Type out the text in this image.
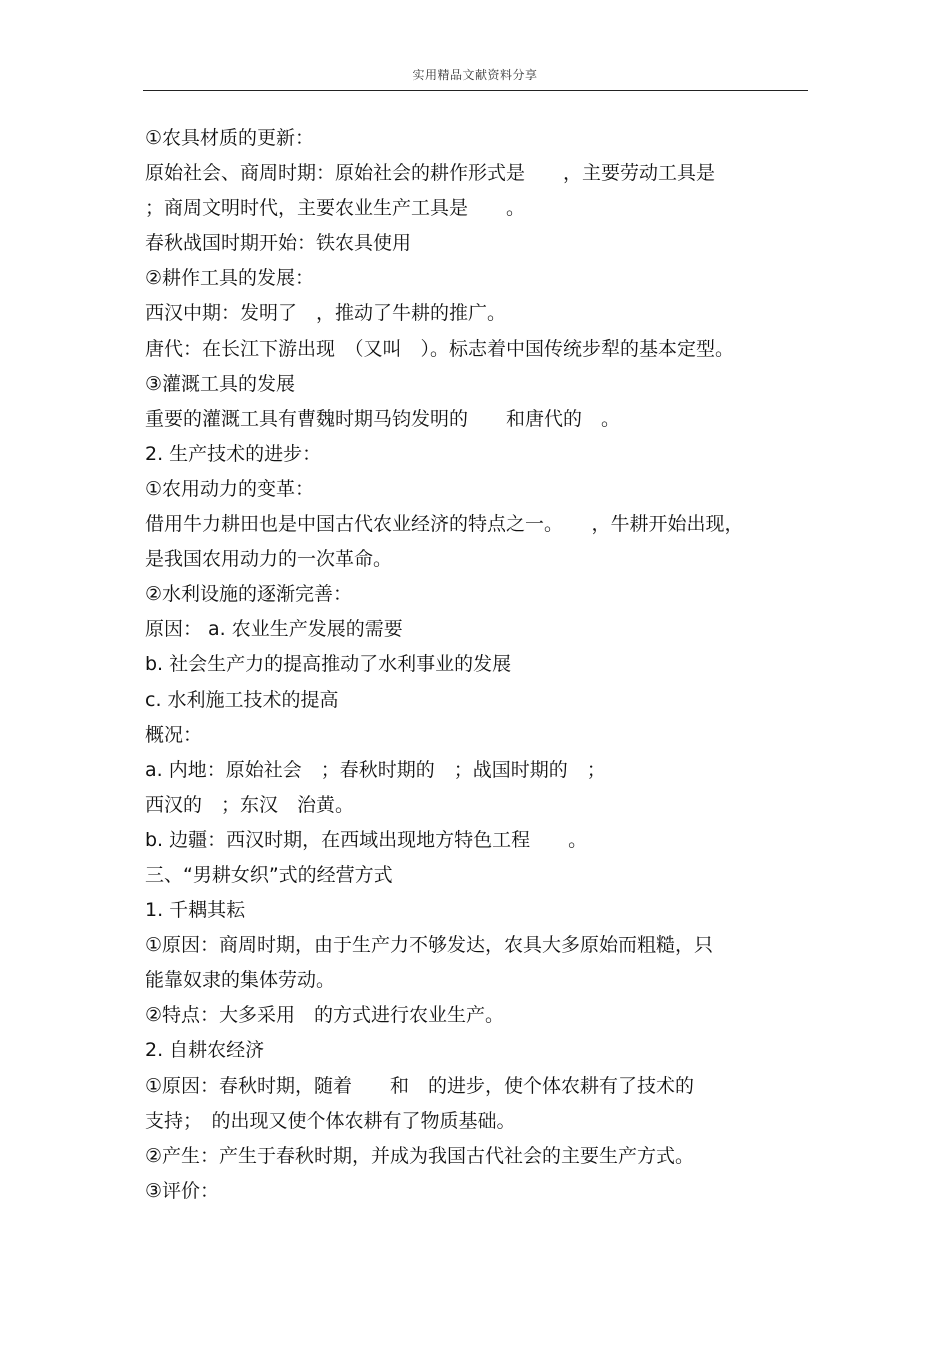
实用精品文献资料分享
①农具材质的更新：
原始社会、商周时期：原始社会的耕作形式是　　，主要劳动工具是
；商周文明时代，主要农业生产工具是　　。
春秋战国时期开始：铁农具使用
②耕作工具的发展：
西汉中期：发明了　，推动了牛耕的推广。
唐代：在长江下游出现　（又叫　）。标志着中国传统步犁的基本定型。
③灌溉工具的发展
重要的灌溉工具有曹魏时期马钧发明的　　和唐代的　。
2. 生产技术的进步：
①农用动力的变革：
借用牛力耕田也是中国古代农业经济的特点之一。　　，牛耕开始出现，
是我国农用动力的一次革命。
②水利设施的逐渐完善：
原因： a. 农业生产发展的需要
b. 社会生产力的提高推动了水利事业的发展
c. 水利施工技术的提高
概况：
a. 内地：原始社会　；春秋时期的　；战国时期的　；
西汉的　；东汉　治黄。
b. 边疆：西汉时期，在西域出现地方特色工程　　。
三、“男耕女织”式的经营方式
1. 千耦其耘
①原因：商周时期，由于生产力不够发达，农具大多原始而粗糙，只
能靠奴隶的集体劳动。
②特点：大多采用　的方式进行农业生产。
2. 自耕农经济
①原因：春秋时期，随着　　和　的进步，使个体农耕有了技术的
支持；　的出现又使个体农耕有了物质基础。
②产生：产生于春秋时期，并成为我国古代社会的主要生产方式。
③评价：
